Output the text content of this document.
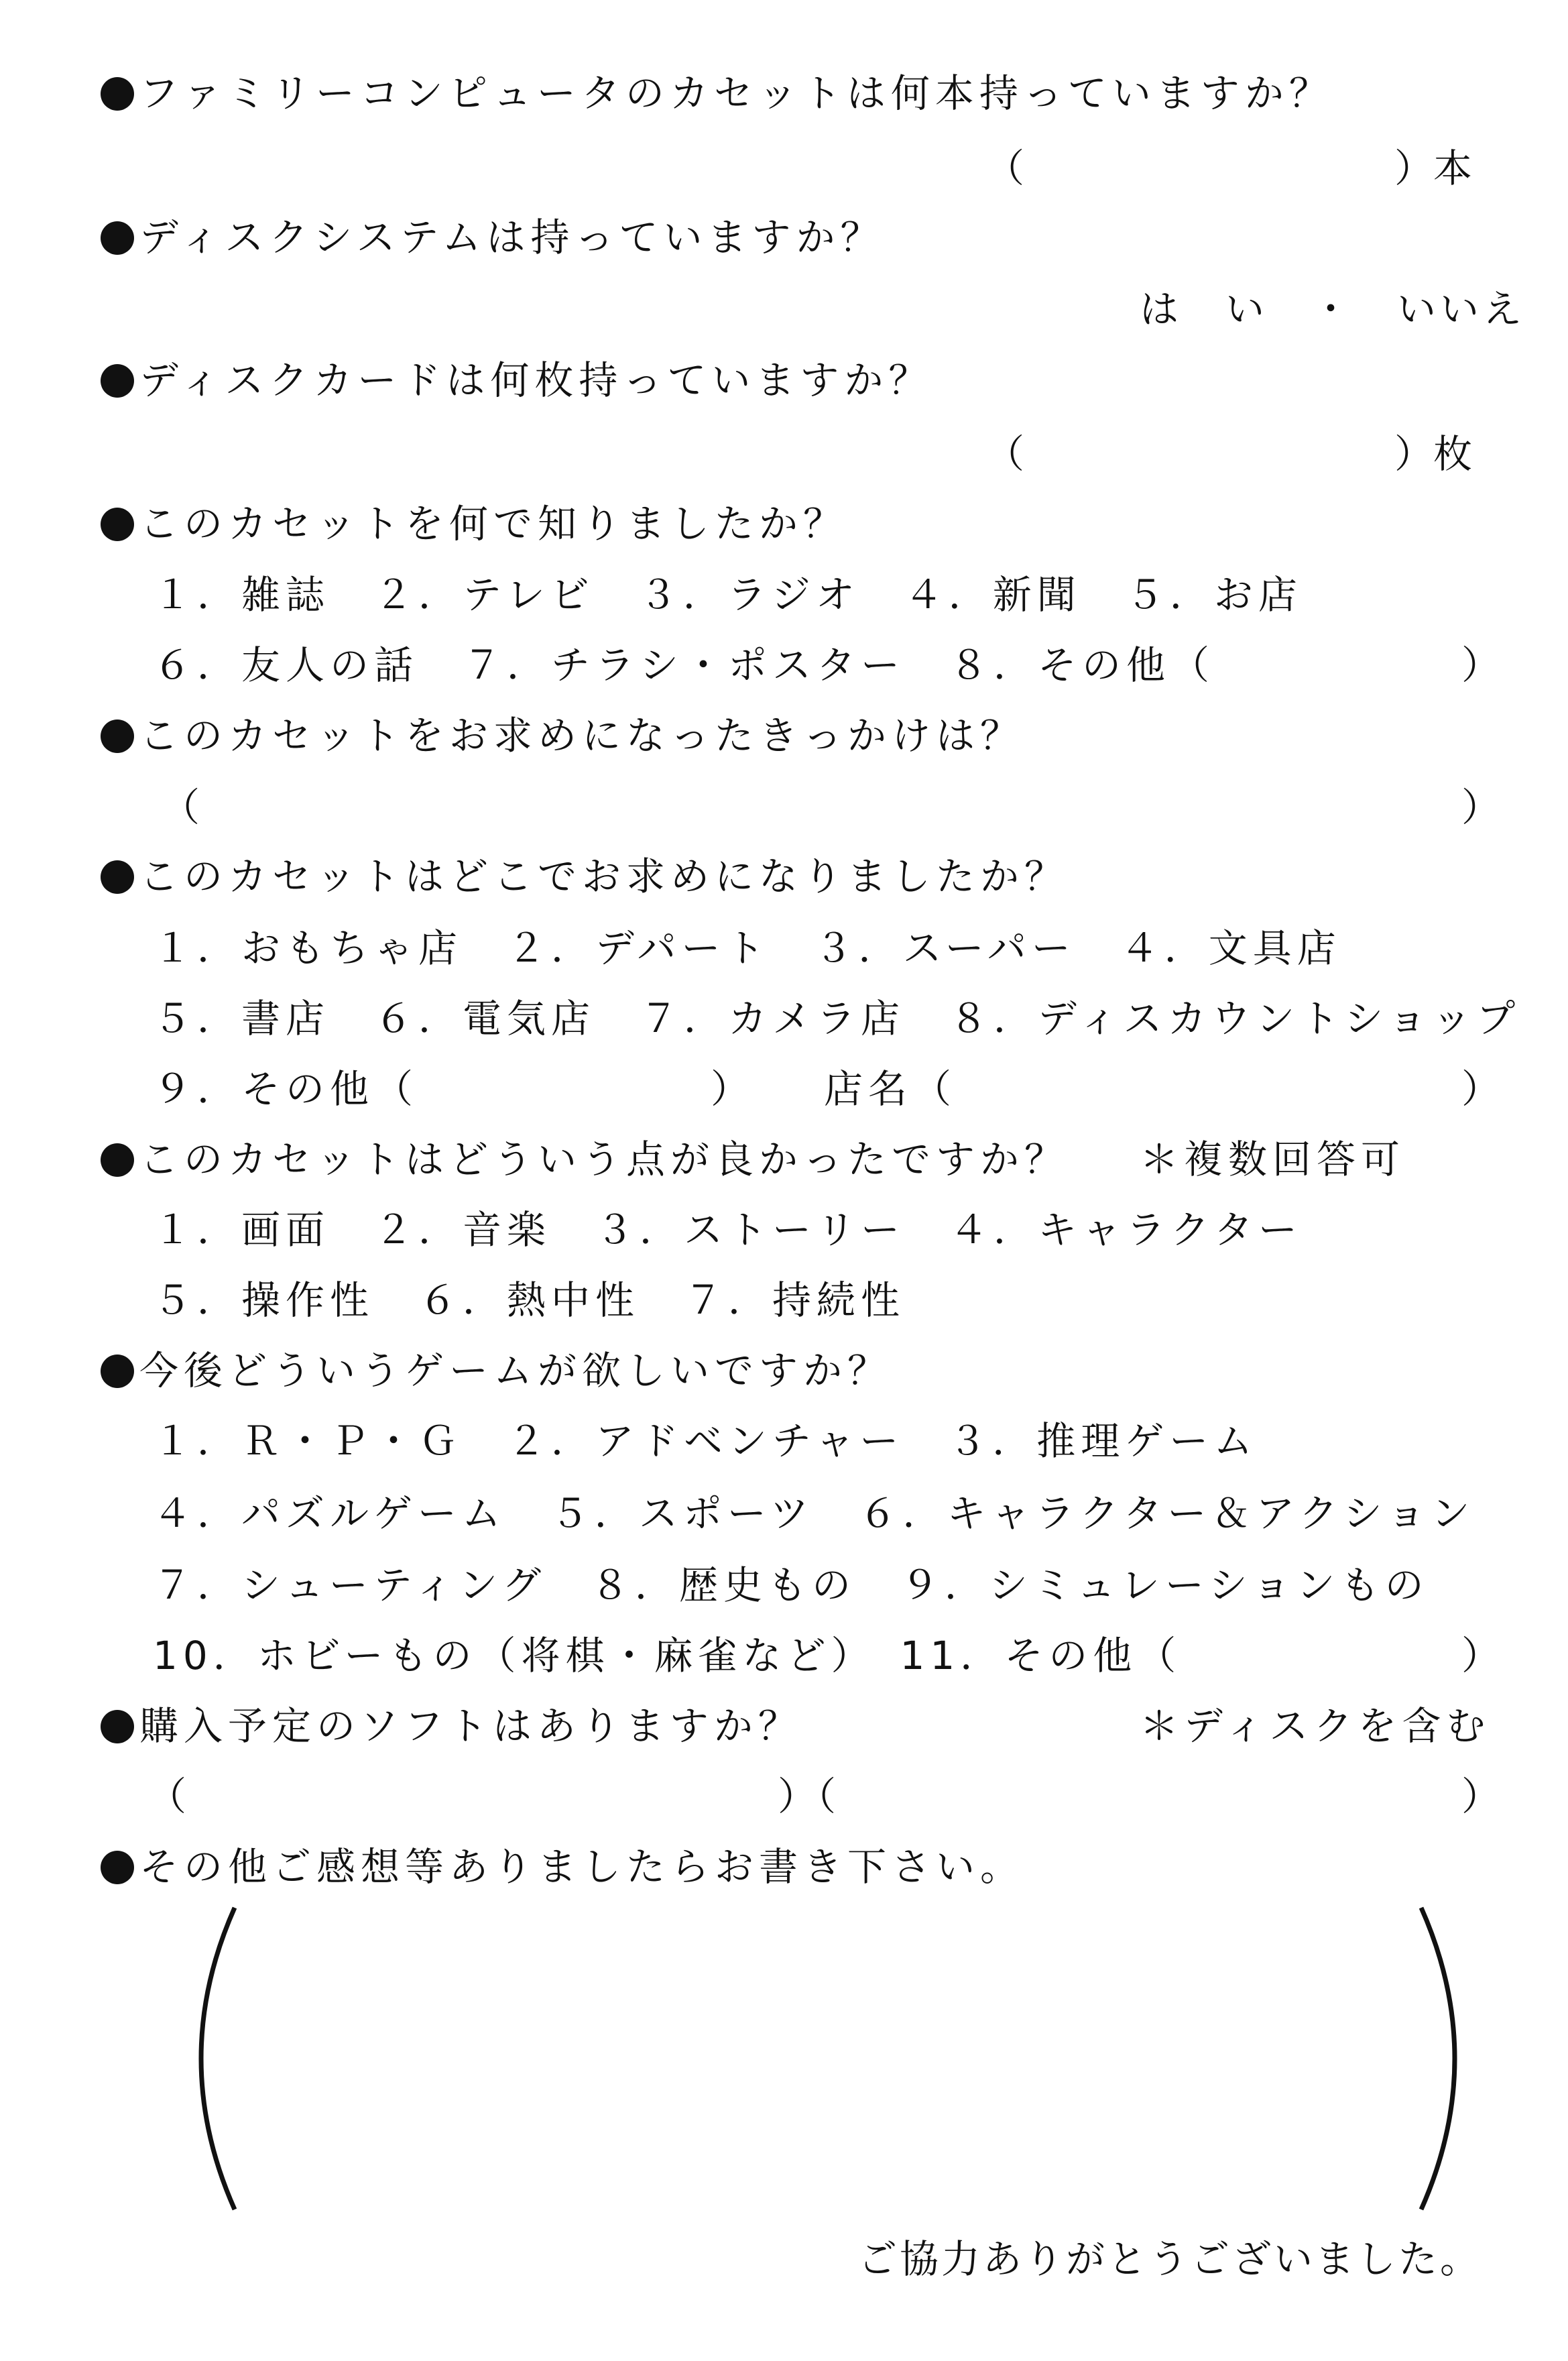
ファミリーコンピュータのカセットは何本持っていますか？
（	）本
ディスクシステムは持っていますか？
は　い　・　いいえ
ディスクカードは何枚持っていますか？
（	）枚
このカセットを何で知りましたか？
１．雑誌　２．テレビ　３．ラジオ　４．新聞　５．お店
６．友人の話　７．チラシ・ポスター　８．その他（	）
このカセットをお求めになったきっかけは？
（	）
このカセットはどこでお求めになりましたか？
１．おもちゃ店　２．デパート　３．スーパー　４．文具店
５．書店　６．電気店　７．カメラ店　８．ディスカウントショップ
９．その他（	）　　店名（	）
このカセットはどういう点が良かったですか？ ＊複数回答可
１．画面　２．音楽　３．ストーリー　４．キャラクター
５．操作性　６．熱中性　７．持続性
今後どういうゲームが欲しいですか？
１．Ｒ・Ｐ・Ｇ　２．アドベンチャー　３．推理ゲーム
４．パズルゲーム　５．スポーツ　６．キャラクター＆アクション
７．シューティング　８．歴史もの　９．シミュレーションもの
10．ホビーもの（将棋・麻雀など）　11．その他（	）
購入予定のソフトはありますか？	＊ディスクを含む
（	）（	）
その他ご感想等ありましたらお書き下さい。
ご協力ありがとうございました。
